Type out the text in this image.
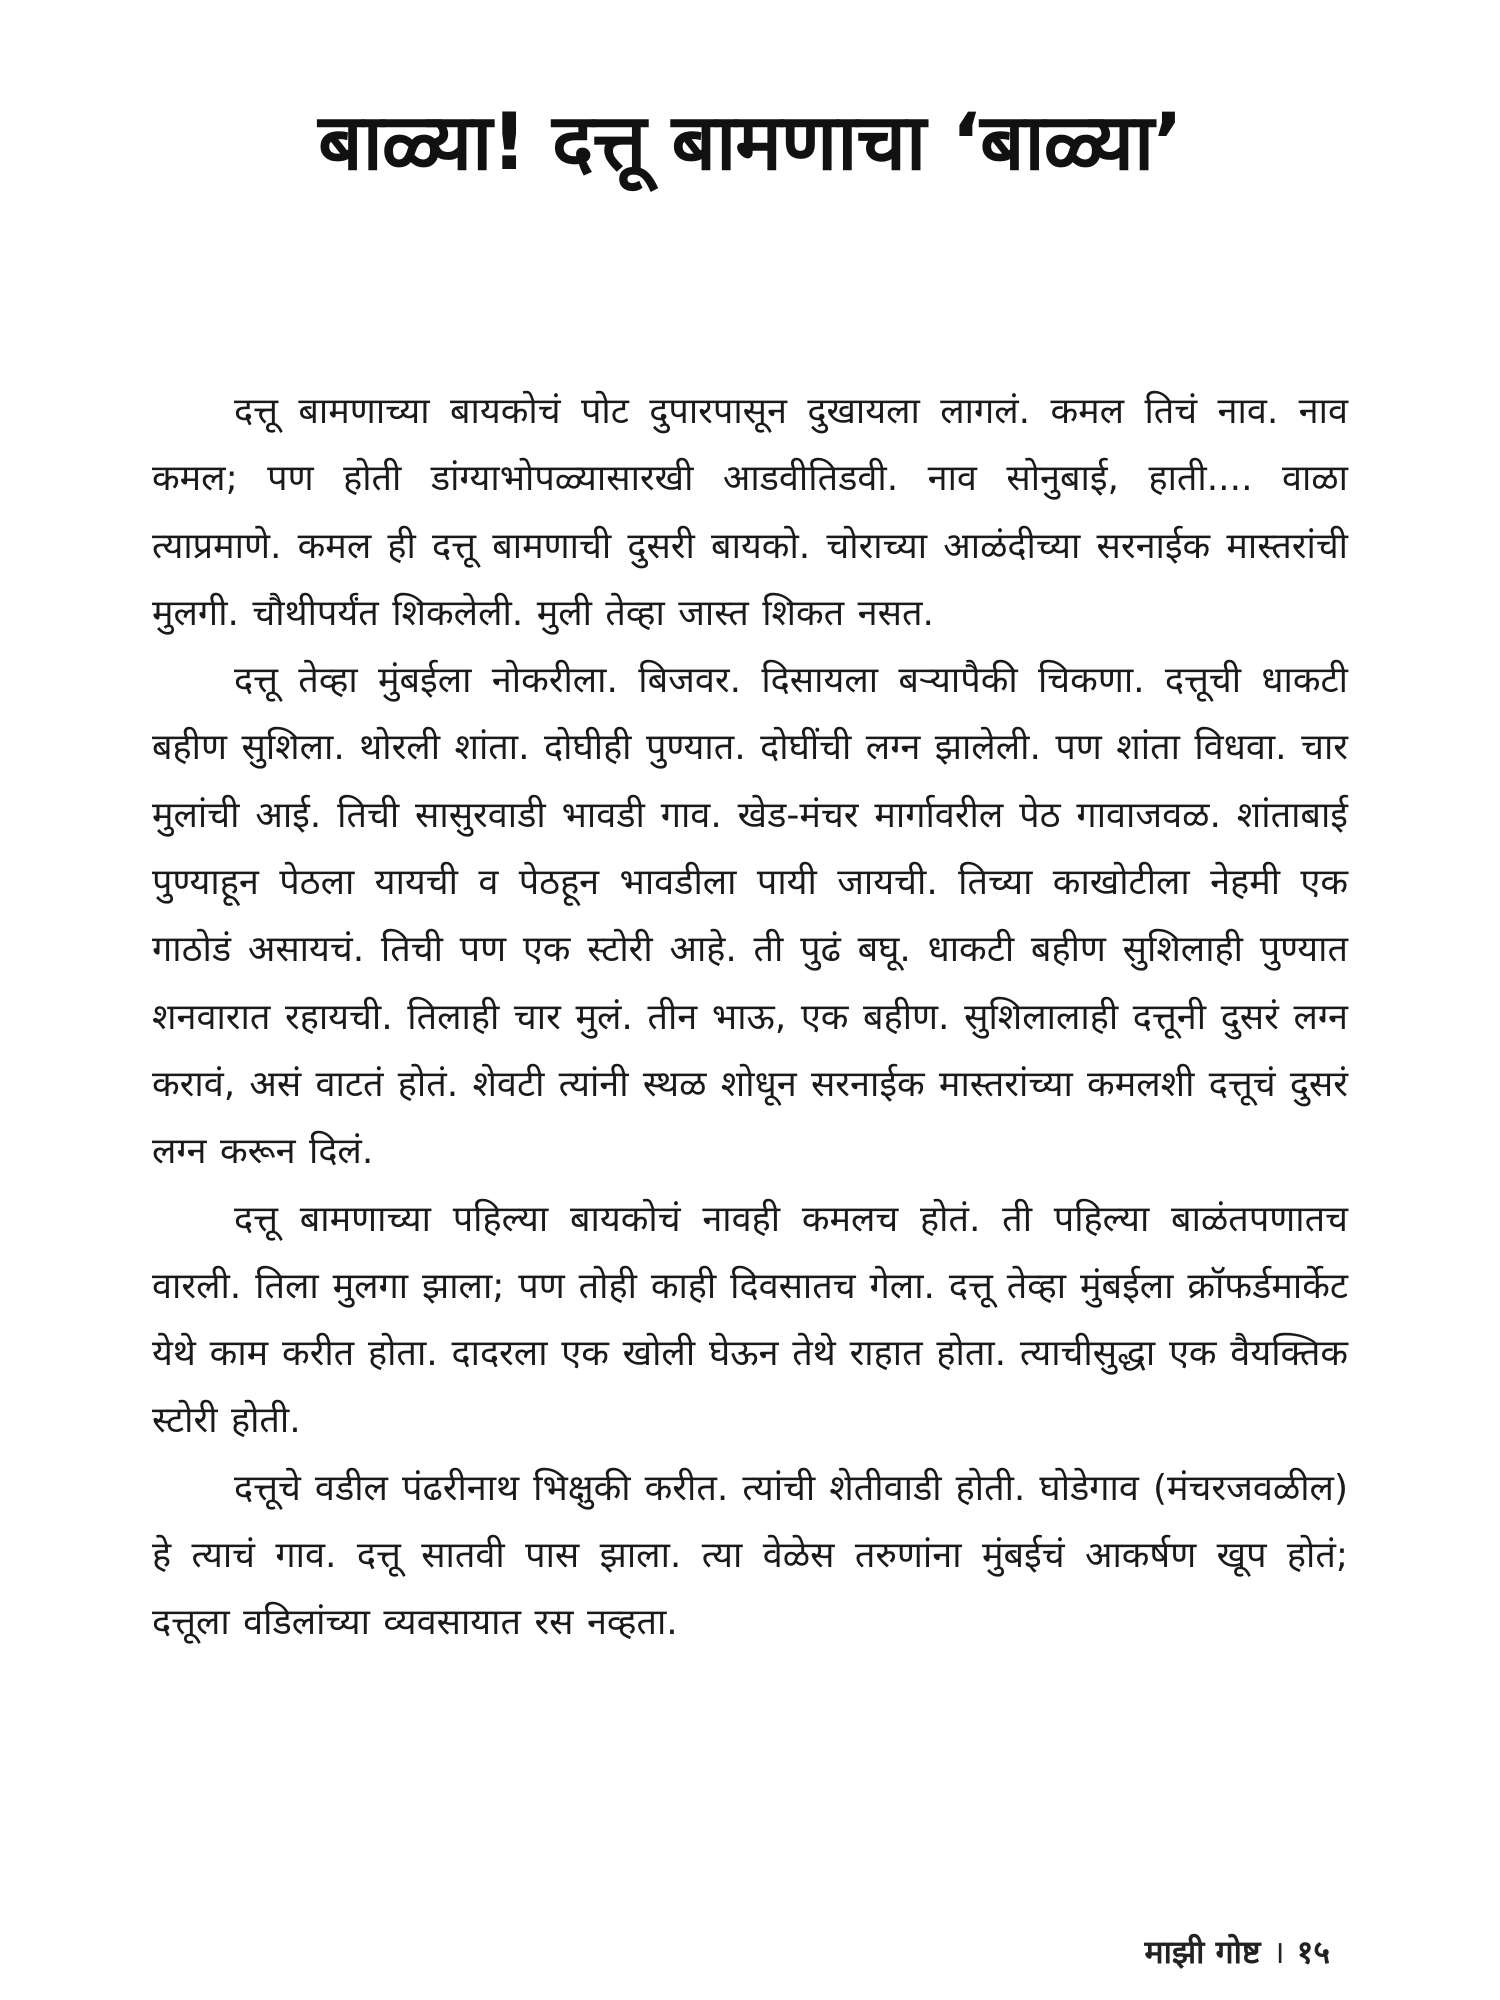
बाळ्या! दत्तू बामणाचा ‘बाळ्या’

दत्तू बामणाच्या बायकोचं पोट दुपारपासून दुखायला लागलं. कमल तिचं नाव. नाव कमल; पण होती डांग्याभोपळ्यासारखी आडवीतिडवी. नाव सोनुबाई, हाती.... वाळा त्याप्रमाणे. कमल ही दत्तू बामणाची दुसरी बायको. चोराच्या आळंदीच्या सरनाईक मास्तरांची मुलगी. चौथीपर्यंत शिकलेली. मुली तेव्हा जास्त शिकत नसत.

दत्तू तेव्हा मुंबईला नोकरीला. बिजवर. दिसायला बऱ्यापैकी चिकणा. दत्तूची धाकटी बहीण सुशिला. थोरली शांता. दोघीही पुण्यात. दोघींची लग्न झालेली. पण शांता विधवा. चार मुलांची आई. तिची सासुरवाडी भावडी गाव. खेड-मंचर मार्गावरील पेठ गावाजवळ. शांताबाई पुण्याहून पेठला यायची व पेठहून भावडीला पायी जायची. तिच्या काखोटीला नेहमी एक गाठोडं असायचं. तिची पण एक स्टोरी आहे. ती पुढं बघू. धाकटी बहीण सुशिलाही पुण्यात शनवारात रहायची. तिलाही चार मुलं. तीन भाऊ, एक बहीण. सुशिलालाही दत्तूनी दुसरं लग्न करावं, असं वाटतं होतं. शेवटी त्यांनी स्थळ शोधून सरनाईक मास्तरांच्या कमलशी दत्तूचं दुसरं लग्न करून दिलं.

दत्तू बामणाच्या पहिल्या बायकोचं नावही कमलच होतं. ती पहिल्या बाळंतपणातच वारली. तिला मुलगा झाला; पण तोही काही दिवसातच गेला. दत्तू तेव्हा मुंबईला क्रॉफर्डमार्केट येथे काम करीत होता. दादरला एक खोली घेऊन तेथे राहात होता. त्याचीसुद्धा एक वैयक्तिक स्टोरी होती.

दत्तूचे वडील पंढरीनाथ भिक्षुकी करीत. त्यांची शेतीवाडी होती. घोडेगाव (मंचरजवळील) हे त्याचं गाव. दत्तू सातवी पास झाला. त्या वेळेस तरुणांना मुंबईचं आकर्षण खूप होतं; दत्तूला वडिलांच्या व्यवसायात रस नव्हता.

माझी गोष्ट । १५
